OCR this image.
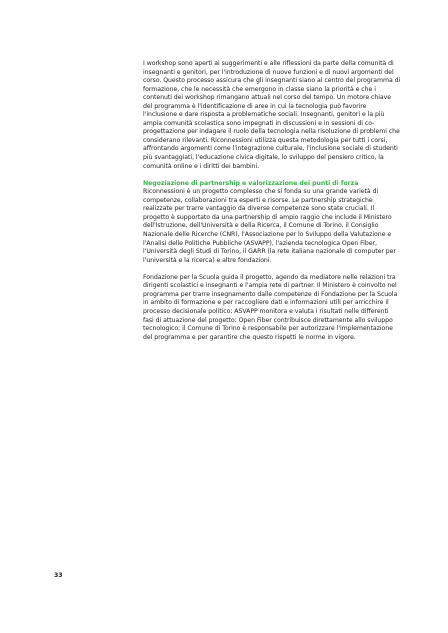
I workshop sono aperti ai suggerimenti e alle riflessioni da parte della comunità di insegnanti e genitori, per l'introduzione di nuove funzioni e di nuovi argomenti del corso. Questo processo assicura che gli insegnanti siano al centro del programma di formazione, che le necessità che emergono in classe siano la priorità e che i contenuti dei workshop rimangano attuali nel corso del tempo. Un motore chiave del programma è l'identificazione di aree in cui la tecnologia può favorire l'inclusione e dare risposta a problematiche sociali. Insegnanti, genitori e la più ampia comunità scolastica sono impegnati in discussioni e in sessioni di co-progettazione per indagare il ruolo della tecnologia nella risoluzione di problemi che considerano rilevanti. Riconnessioni utilizza questa metodologia per tutti i corsi, affrontando argomenti come l'integrazione culturale, l'inclusione sociale di studenti più svantaggiati, l'educazione civica digitale, lo sviluppo del pensiero critico, la comunità online e i diritti dei bambini.

Negoziazione di partnership e valorizzazione dei punti di forza

Riconnessioni è un progetto complesso che si fonda su una grande varietà di competenze, collaborazioni tra esperti e risorse. Le partnership strategiche realizzate per trarre vantaggio da diverse competenze sono state cruciali. Il progetto è supportato da una partnership di ampio raggio che include il Ministero dell'Istruzione, dell'Università e della Ricerca, il Comune di Torino, il Consiglio Nazionale delle Ricerche (CNR), l'Associazione per lo Sviluppo della Valutazione e l'Analisi delle Politiche Pubbliche (ASVAPP), l'azienda tecnologica Open Fiber, l'Università degli Studi di Torino, il GARR (la rete italiana nazionale di computer per l'università e la ricerca) e altre fondazioni.

Fondazione per la Scuola guida il progetto, agendo da mediatore nelle relazioni tra dirigenti scolastici e insegnanti e l'ampia rete di partner. Il Ministero è coinvolto nel programma per trarre insegnamento dalle competenze di Fondazione per la Scuola in ambito di formazione e per raccogliere dati e informazioni utili per arricchire il processo decisionale politico; ASVAPP monitora e valuta i risultati nelle differenti fasi di attuazione del progetto; Open Fiber contribuisce direttamente allo sviluppo tecnologico; il Comune di Torino è responsabile per autorizzare l'implementazione del programma e per garantire che questo rispetti le norme in vigore.

33
